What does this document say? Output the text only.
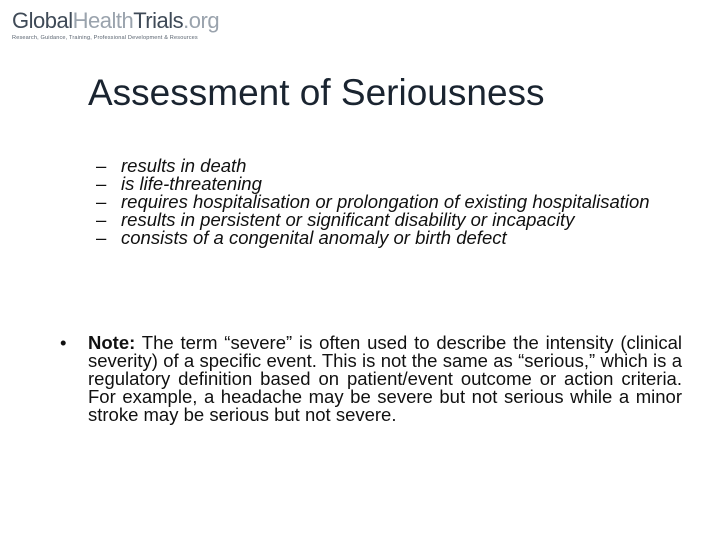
GlobalHealthTrials.org
Research, Guidance, Training, Professional Development & Resources
Assessment of Seriousness
– results in death
– is life-threatening
– requires hospitalisation or prolongation of existing hospitalisation
– results in persistent or significant disability or incapacity
– consists of a congenital anomaly or birth defect
• Note: The term “severe” is often used to describe the intensity (clinical severity) of a specific event. This is not the same as “serious,” which is a regulatory definition based on patient/event outcome or action criteria. For example, a headache may be severe but not serious while a minor stroke may be serious but not severe.
